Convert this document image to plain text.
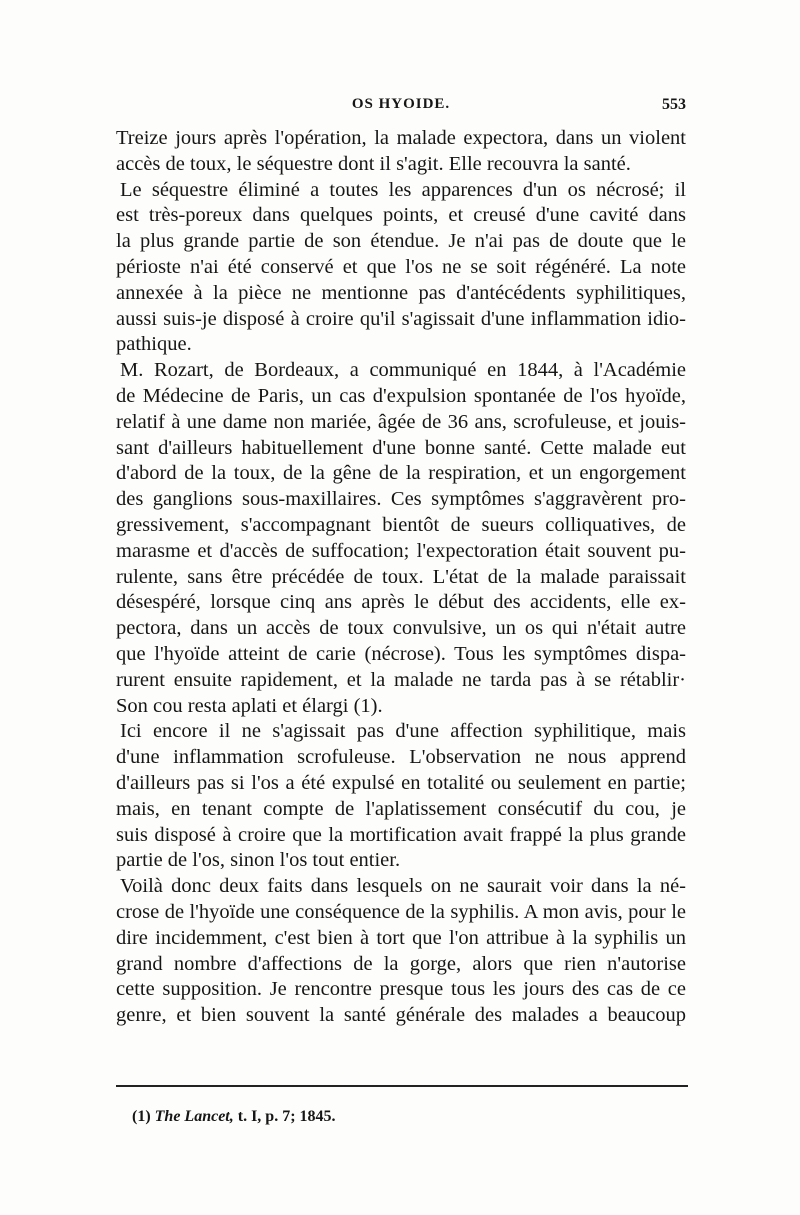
OS HYOIDE.	553
Treize jours après l'opération, la malade expectora, dans un violent
accès de toux, le séquestre dont il s'agit. Elle recouvra la santé.
Le séquestre éliminé a toutes les apparences d'un os nécrosé; il
est très-poreux dans quelques points, et creusé d'une cavité dans
la plus grande partie de son étendue. Je n'ai pas de doute que le
périoste n'ai été conservé et que l'os ne se soit régénéré. La note
annexée à la pièce ne mentionne pas d'antécédents syphilitiques,
aussi suis-je disposé à croire qu'il s'agissait d'une inflammation idio-
pathique.
M. Rozart, de Bordeaux, a communiqué en 1844, à l'Académie
de Médecine de Paris, un cas d'expulsion spontanée de l'os hyoïde,
relatif à une dame non mariée, âgée de 36 ans, scrofuleuse, et jouis-
sant d'ailleurs habituellement d'une bonne santé. Cette malade eut
d'abord de la toux, de la gêne de la respiration, et un engorgement
des ganglions sous-maxillaires. Ces symptômes s'aggravèrent pro-
gressivement, s'accompagnant bientôt de sueurs colliquatives, de
marasme et d'accès de suffocation; l'expectoration était souvent pu-
rulente, sans être précédée de toux. L'état de la malade paraissait
désespéré, lorsque cinq ans après le début des accidents, elle ex-
pectora, dans un accès de toux convulsive, un os qui n'était autre
que l'hyoïde atteint de carie (nécrose). Tous les symptômes dispa-
rurent ensuite rapidement, et la malade ne tarda pas à se rétablir·
Son cou resta aplati et élargi (1).
Ici encore il ne s'agissait pas d'une affection syphilitique, mais
d'une inflammation scrofuleuse. L'observation ne nous apprend
d'ailleurs pas si l'os a été expulsé en totalité ou seulement en partie;
mais, en tenant compte de l'aplatissement consécutif du cou, je
suis disposé à croire que la mortification avait frappé la plus grande
partie de l'os, sinon l'os tout entier.
Voilà donc deux faits dans lesquels on ne saurait voir dans la né-
crose de l'hyoïde une conséquence de la syphilis. A mon avis, pour le
dire incidemment, c'est bien à tort que l'on attribue à la syphilis un
grand nombre d'affections de la gorge, alors que rien n'autorise
cette supposition. Je rencontre presque tous les jours des cas de ce
genre, et bien souvent la santé générale des malades a beaucoup
(1) The Lancet, t. I, p. 7; 1845.
